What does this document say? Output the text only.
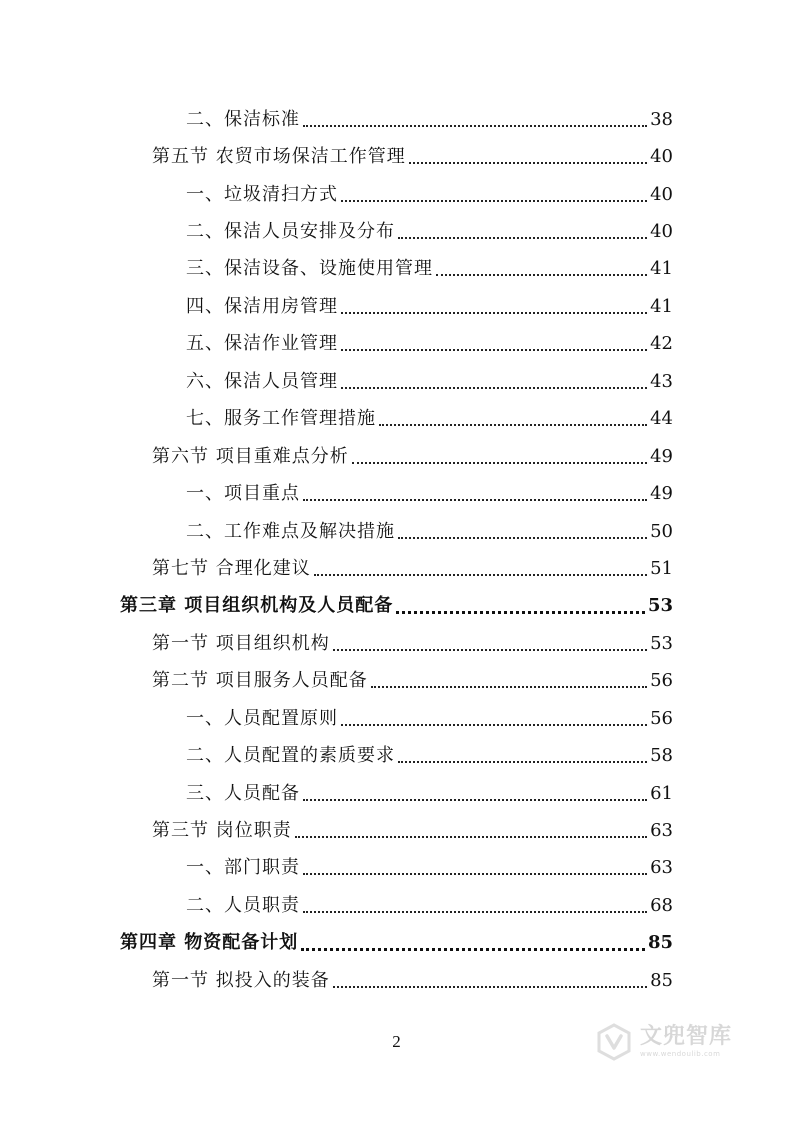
二、保洁标准	38
第五节 农贸市场保洁工作管理	40
一、垃圾清扫方式	40
二、保洁人员安排及分布	40
三、保洁设备、设施使用管理	41
四、保洁用房管理	41
五、保洁作业管理	42
六、保洁人员管理	43
七、服务工作管理措施	44
第六节 项目重难点分析	49
一、项目重点	49
二、工作难点及解决措施	50
第七节 合理化建议	51
第三章 项目组织机构及人员配备	53
第一节 项目组织机构	53
第二节 项目服务人员配备	56
一、人员配置原则	56
二、人员配置的素质要求	58
三、人员配备	61
第三节 岗位职责	63
一、部门职责	63
二、人员职责	68
第四章 物资配备计划	85
第一节 拟投入的装备	85
2	文兜智库
www.wendoulib.com
